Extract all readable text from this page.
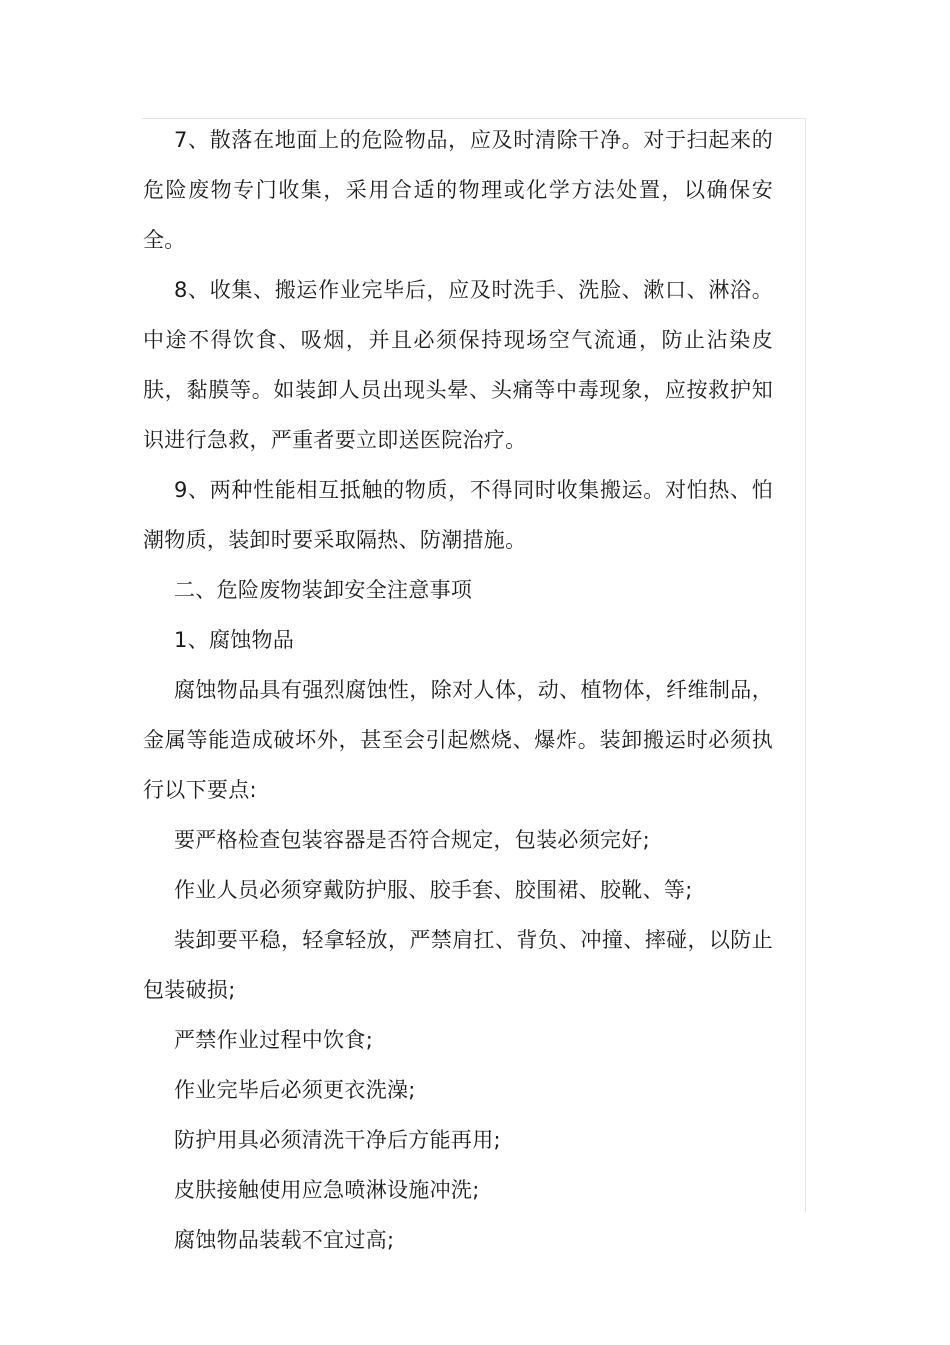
7、散落在地面上的危险物品，应及时清除干净。对于扫起来的危险废物专门收集，采用合适的物理或化学方法处置，以确保安全。

8、收集、搬运作业完毕后，应及时洗手、洗脸、漱口、淋浴。中途不得饮食、吸烟，并且必须保持现场空气流通，防止沾染皮肤，黏膜等。如装卸人员出现头晕、头痛等中毒现象，应按救护知识进行急救，严重者要立即送医院治疗。

9、两种性能相互抵触的物质，不得同时收集搬运。对怕热、怕潮物质，装卸时要采取隔热、防潮措施。

二、危险废物装卸安全注意事项

1、腐蚀物品

腐蚀物品具有强烈腐蚀性，除对人体，动、植物体，纤维制品，金属等能造成破坏外，甚至会引起燃烧、爆炸。装卸搬运时必须执行以下要点:

要严格检查包装容器是否符合规定，包装必须完好;

作业人员必须穿戴防护服、胶手套、胶围裙、胶靴、等;

装卸要平稳，轻拿轻放，严禁肩扛、背负、冲撞、摔碰，以防止包装破损;

严禁作业过程中饮食;

作业完毕后必须更衣洗澡;

防护用具必须清洗干净后方能再用;

皮肤接触使用应急喷淋设施冲洗;

腐蚀物品装载不宜过高;
